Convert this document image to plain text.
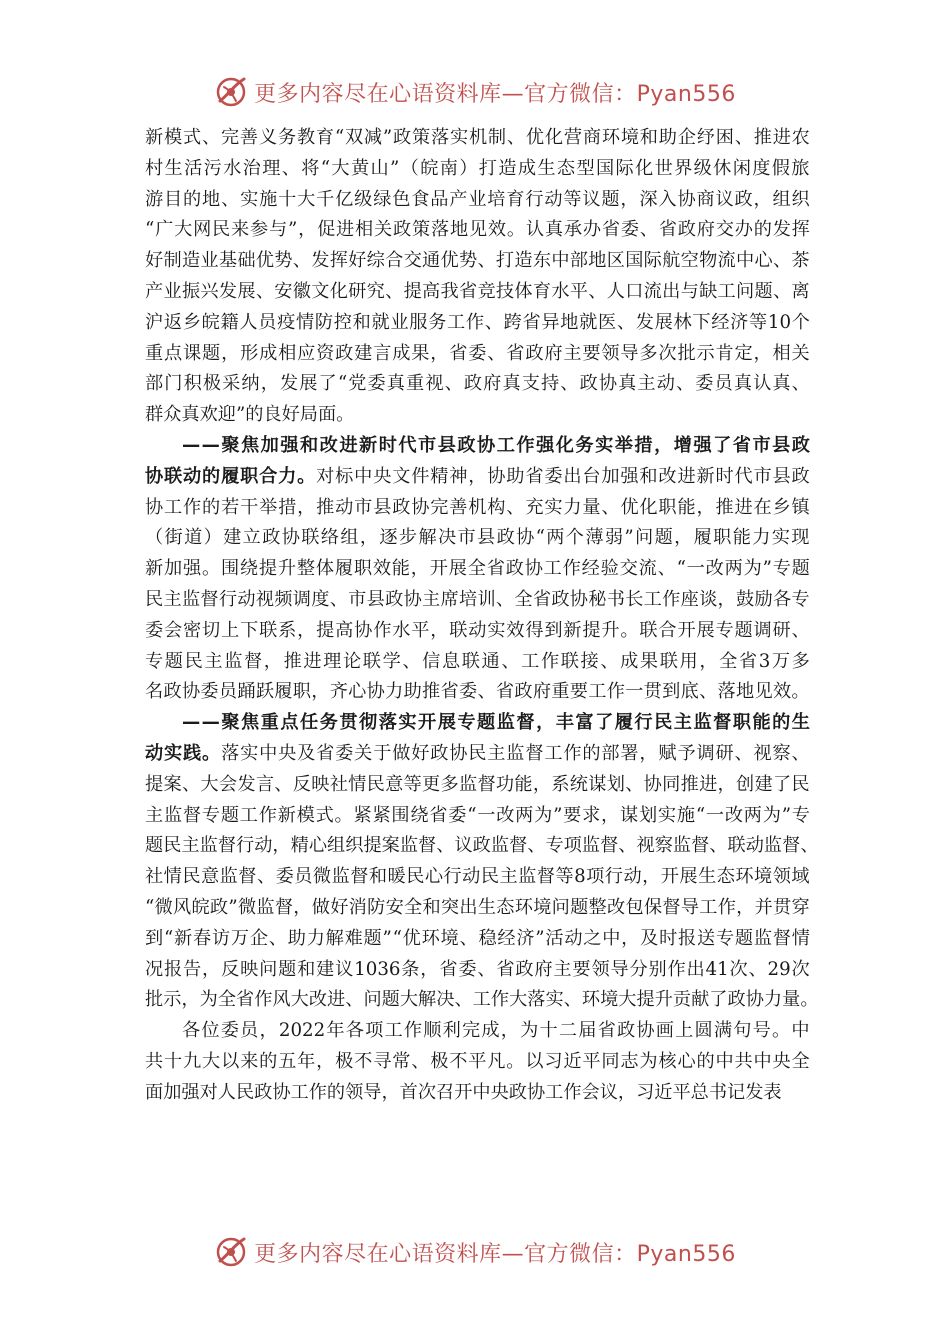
更多内容尽在心语资料库—官方微信：Pyan556
新 模 式 、 完 善 义 务 教 育 “ 双 减 ” 政 策 落 实 机 制 、 优 化 营 商 环 境 和 助 企 纾 困 、 推 进 农
村 生 活 污 水 治 理 、 将 “ 大 黄 山 ” （ 皖 南 ） 打 造 成 生 态 型 国 际 化 世 界 级 休 闲 度 假 旅
游 目 的 地 、 实 施 十 大 千 亿 级 绿 色 食 品 产 业 培 育 行 动 等 议 题 ， 深 入 协 商 议 政 ， 组 织
“ 广 大 网 民 来 参 与 ” ， 促 进 相 关 政 策 落 地 见 效 。 认 真 承 办 省 委 、 省 政 府 交 办 的 发 挥
好 制 造 业 基 础 优 势 、 发 挥 好 综 合 交 通 优 势 、 打 造 东 中 部 地 区 国 际 航 空 物 流 中 心 、 茶
产 业 振 兴 发 展 、 安 徽 文 化 研 究 、 提 高 我 省 竞 技 体 育 水 平 、 人 口 流 出 与 缺 工 问 题 、 离
沪 返 乡 皖 籍 人 员 疫 情 防 控 和 就 业 服 务 工 作 、 跨 省 异 地 就 医 、 发 展 林 下 经 济 等 10 个
重 点 课 题 ， 形 成 相 应 资 政 建 言 成 果 ， 省 委 、 省 政 府 主 要 领 导 多 次 批 示 肯 定 ， 相 关
部 门 积 极 采 纳 ， 发 展 了 “ 党 委 真 重 视 、 政 府 真 支 持 、 政 协 真 主 动 、 委 员 真 认 真 、
群众真欢迎”的良好局面。
— — 聚 焦 加 强 和 改 进 新 时 代 市 县 政 协 工 作 强 化 务 实 举 措 ， 增 强 了 省 市 县 政
协 联 动 的 履 职 合 力 。 对 标 中 央 文 件 精 神 ， 协 助 省 委 出 台 加 强 和 改 进 新 时 代 市 县 政
协 工 作 的 若 干 举 措 ， 推 动 市 县 政 协 完 善 机 构 、 充 实 力 量 、 优 化 职 能 ， 推 进 在 乡 镇
（ 街 道 ） 建 立 政 协 联 络 组 ， 逐 步 解 决 市 县 政 协 “ 两 个 薄 弱 ” 问 题 ， 履 职 能 力 实 现
新 加 强 。 围 绕 提 升 整 体 履 职 效 能 ， 开 展 全 省 政 协 工 作 经 验 交 流 、 “ 一 改 两 为 ” 专 题
民 主 监 督 行 动 视 频 调 度 、 市 县 政 协 主 席 培 训 、 全 省 政 协 秘 书 长 工 作 座 谈 ， 鼓 励 各 专
委 会 密 切 上 下 联 系 ， 提 高 协 作 水 平 ， 联 动 实 效 得 到 新 提 升 。 联 合 开 展 专 题 调 研 、
专 题 民 主 监 督 ， 推 进 理 论 联 学 、 信 息 联 通 、 工 作 联 接 、 成 果 联 用 ， 全 省 3 万 多
名 政 协 委 员 踊 跃 履 职 ， 齐 心 协 力 助 推 省 委 、 省 政 府 重 要 工 作 一 贯 到 底 、 落 地 见 效 。
— — 聚 焦 重 点 任 务 贯 彻 落 实 开 展 专 题 监 督 ， 丰 富 了 履 行 民 主 监 督 职 能 的 生
动 实 践 。 落 实 中 央 及 省 委 关 于 做 好 政 协 民 主 监 督 工 作 的 部 署 ， 赋 予 调 研 、 视 察 、
提 案 、 大 会 发 言 、 反 映 社 情 民 意 等 更 多 监 督 功 能 ， 系 统 谋 划 、 协 同 推 进 ， 创 建 了 民
主 监 督 专 题 工 作 新 模 式 。 紧 紧 围 绕 省 委 “ 一 改 两 为 ” 要 求 ， 谋 划 实 施 “ 一 改 两 为 ” 专
题 民 主 监 督 行 动 ， 精 心 组 织 提 案 监 督 、 议 政 监 督 、 专 项 监 督 、 视 察 监 督 、 联 动 监 督 、
社 情 民 意 监 督 、 委 员 微 监 督 和 暖 民 心 行 动 民 主 监 督 等 8 项 行 动 ， 开 展 生 态 环 境 领 域
“ 微 风 皖 政 ” 微 监 督 ， 做 好 消 防 安 全 和 突 出 生 态 环 境 问 题 整 改 包 保 督 导 工 作 ， 并 贯 穿
到 “ 新 春 访 万 企 、 助 力 解 难 题 ” “ 优 环 境 、 稳 经 济 ” 活 动 之 中 ， 及 时 报 送 专 题 监 督 情
况 报 告 ， 反 映 问 题 和 建 议 1036 条 ， 省 委 、 省 政 府 主 要 领 导 分 别 作 出 41 次 、 29 次
批 示 ， 为 全 省 作 风 大 改 进 、 问 题 大 解 决 、 工 作 大 落 实 、 环 境 大 提 升 贡 献 了 政 协 力 量 。
各 位 委 员 ， 2022 年 各 项 工 作 顺 利 完 成 ， 为 十 二 届 省 政 协 画 上 圆 满 句 号 。 中
共 十 九 大 以 来 的 五 年 ， 极 不 寻 常 、 极 不 平 凡 。 以 习 近 平 同 志 为 核 心 的 中 共 中 央 全
面加强对人民政协工作的领导，首次召开中央政协工作会议，习近平总书记发表
更多内容尽在心语资料库—官方微信：Pyan556
